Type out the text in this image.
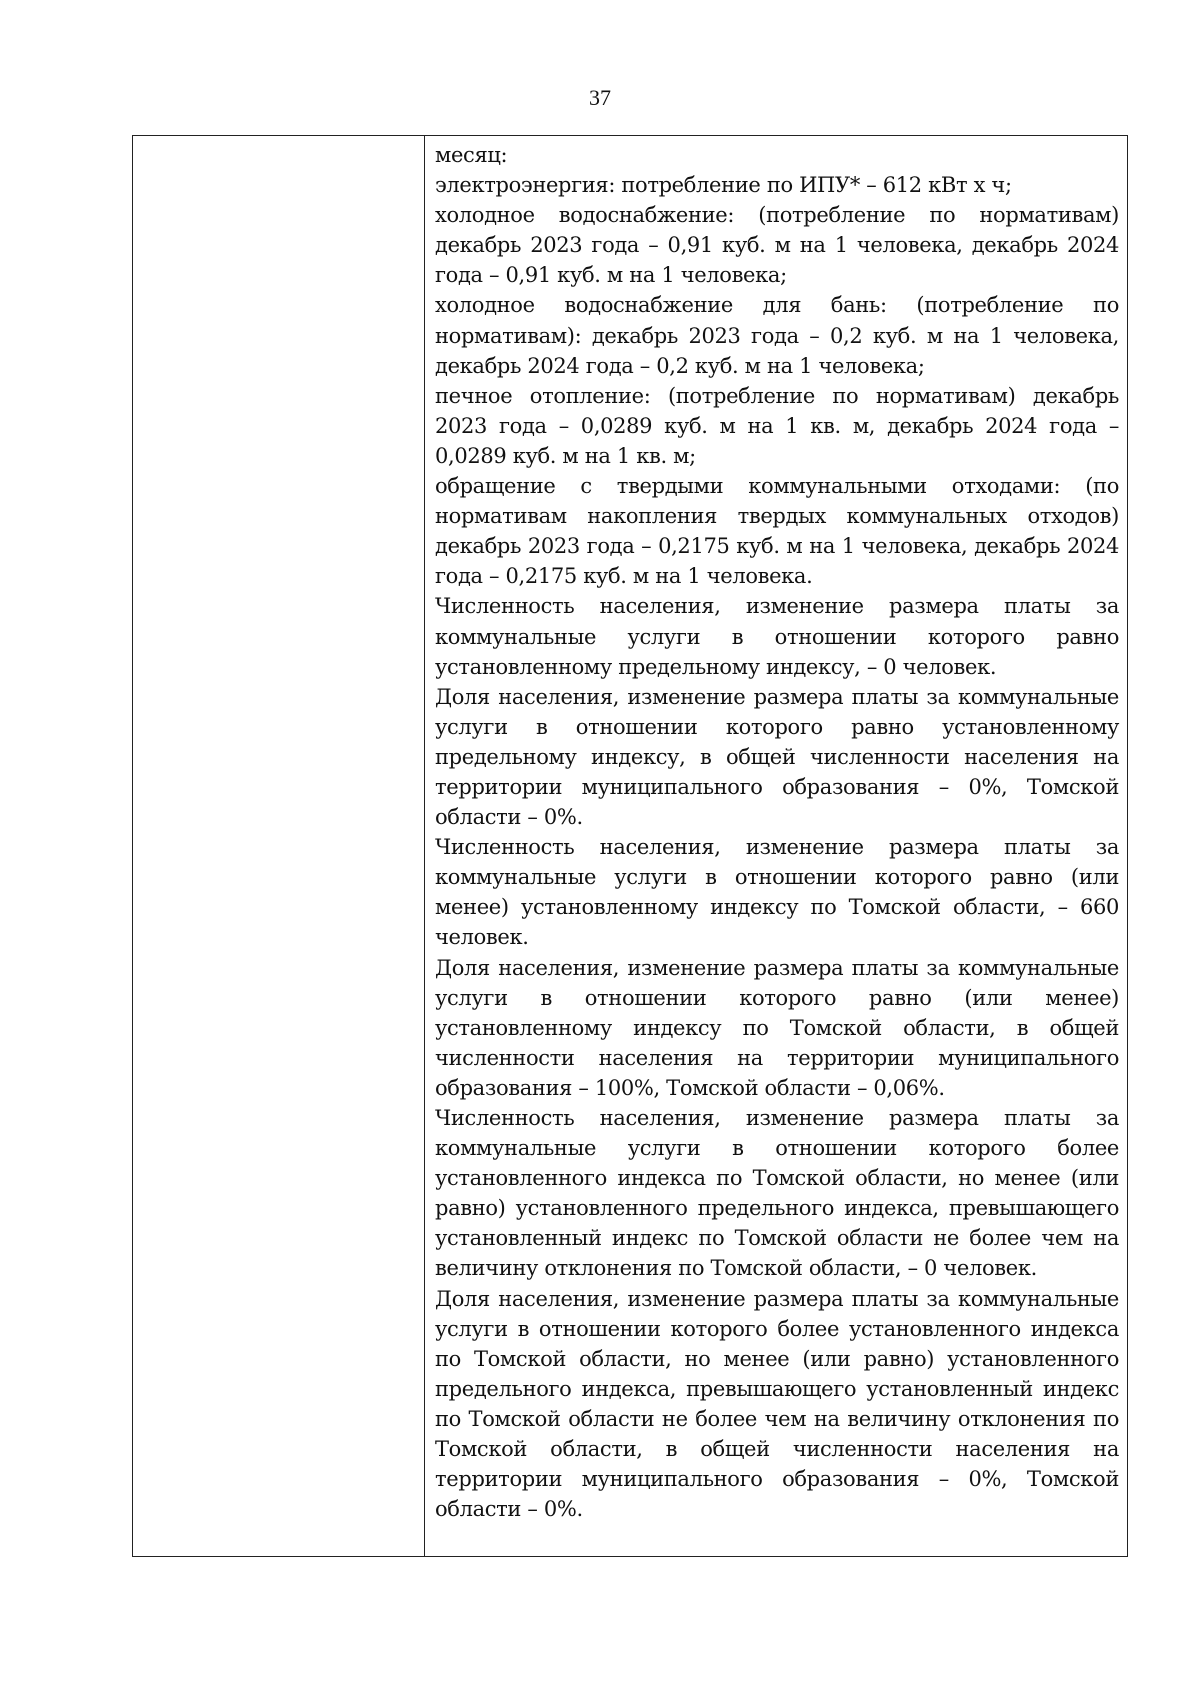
37

месяц:

электроэнергия: потребление по ИПУ* – 612 кВт х ч;

холодное водоснабжение: (потребление по нормативам) декабрь 2023 года – 0,91 куб. м на 1 человека, декабрь 2024 года – 0,91 куб. м на 1 человека;

холодное водоснабжение для бань: (потребление по нормативам): декабрь 2023 года – 0,2 куб. м на 1 человека, декабрь 2024 года – 0,2 куб. м на 1 человека;

печное отопление: (потребление по нормативам) декабрь 2023 года – 0,0289 куб. м на 1 кв. м, декабрь 2024 года – 0,0289 куб. м на 1 кв. м;

обращение с твердыми коммунальными отходами: (по нормативам накопления твердых коммунальных отходов) декабрь 2023 года – 0,2175 куб. м на 1 человека, декабрь 2024 года – 0,2175 куб. м на 1 человека.

Численность населения, изменение размера платы за коммунальные услуги в отношении которого равно установленному предельному индексу, – 0 человек.

Доля населения, изменение размера платы за коммунальные услуги в отношении которого равно установленному предельному индексу, в общей численности населения на территории муниципального образования – 0%, Томской области – 0%.

Численность населения, изменение размера платы за коммунальные услуги в отношении которого равно (или менее) установленному индексу по Томской области, – 660 человек.

Доля населения, изменение размера платы за коммунальные услуги в отношении которого равно (или менее) установленному индексу по Томской области, в общей численности населения на территории муниципального образования – 100%, Томской области – 0,06%.

Численность населения, изменение размера платы за коммунальные услуги в отношении которого более установленного индекса по Томской области, но менее (или равно) установленного предельного индекса, превышающего установленный индекс по Томской области не более чем на величину отклонения по Томской области, – 0 человек.

Доля населения, изменение размера платы за коммунальные услуги в отношении которого более установленного индекса по Томской области, но менее (или равно) установленного предельного индекса, превышающего установленный индекс по Томской области не более чем на величину отклонения по Томской области, в общей численности населения на территории муниципального образования – 0%, Томской области – 0%.
